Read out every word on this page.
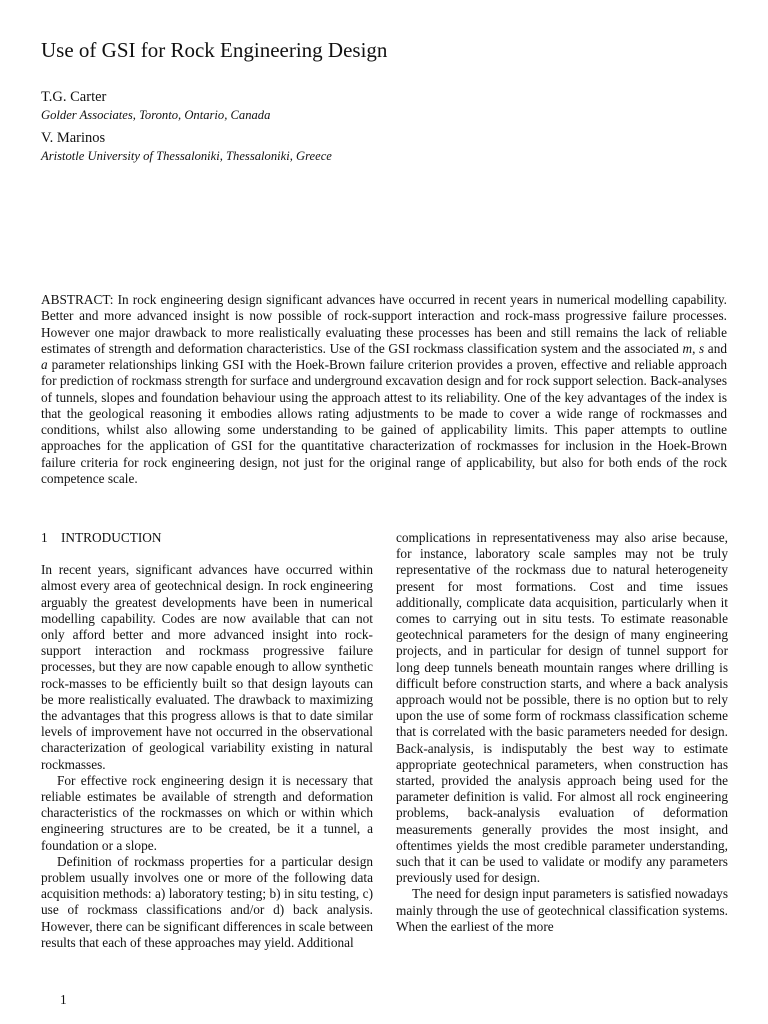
Use of GSI for Rock Engineering Design
T.G. Carter
Golder Associates, Toronto, Ontario, Canada
V. Marinos
Aristotle University of Thessaloniki, Thessaloniki, Greece

ABSTRACT: In rock engineering design significant advances have occurred in recent years in numerical modelling capability. Better and more advanced insight is now possible of rock-support interaction and rock-mass progressive failure processes. However one major drawback to more realistically evaluating these processes has been and still remains the lack of reliable estimates of strength and deformation characteristics. Use of the GSI rockmass classification system and the associated m, s and a parameter relationships linking GSI with the Hoek-Brown failure criterion provides a proven, effective and reliable approach for prediction of rockmass strength for surface and underground excavation design and for rock support selection. Back-analyses of tunnels, slopes and foundation behaviour using the approach attest to its reliability. One of the key advantages of the index is that the geological reasoning it embodies allows rating adjustments to be made to cover a wide range of rockmasses and conditions, whilst also allowing some understanding to be gained of applicability limits. This paper attempts to outline approaches for the application of GSI for the quantitative characterization of rockmasses for inclusion in the Hoek-Brown failure criteria for rock engineering design, not just for the original range of applicability, but also for both ends of the rock competence scale.

1 INTRODUCTION

In recent years, significant advances have occurred within almost every area of geotechnical design. In rock engineering arguably the greatest developments have been in numerical modelling capability. Codes are now available that can not only afford better and more advanced insight into rock-support interaction and rockmass progressive failure processes, but they are now capable enough to allow synthetic rock-masses to be efficiently built so that design layouts can be more realistically evaluated. The drawback to maximizing the advantages that this progress allows is that to date similar levels of improvement have not occurred in the observational characterization of geological variability existing in natural rockmasses.

For effective rock engineering design it is necessary that reliable estimates be available of strength and deformation characteristics of the rockmasses on which or within which engineering structures are to be created, be it a tunnel, a foundation or a slope.

Definition of rockmass properties for a particular design problem usually involves one or more of the following data acquisition methods: a) laboratory testing; b) in situ testing, c) use of rockmass classifications and/or d) back analysis. However, there can be significant differences in scale between results that each of these approaches may yield. Additional

complications in representativeness may also arise because, for instance, laboratory scale samples may not be truly representative of the rockmass due to natural heterogeneity present for most formations. Cost and time issues additionally, complicate data acquisition, particularly when it comes to carrying out in situ tests. To estimate reasonable geotechnical parameters for the design of many engineering projects, and in particular for design of tunnel support for long deep tunnels beneath mountain ranges where drilling is difficult before construction starts, and where a back analysis approach would not be possible, there is no option but to rely upon the use of some form of rockmass classification scheme that is correlated with the basic parameters needed for design. Back-analysis, is indisputably the best way to estimate appropriate geotechnical parameters, when construction has started, provided the analysis approach being used for the parameter definition is valid. For almost all rock engineering problems, back-analysis evaluation of deformation measurements generally provides the most insight, and oftentimes yields the most credible parameter understanding, such that it can be used to validate or modify any parameters previously used for design.

The need for design input parameters is satisfied nowadays mainly through the use of geotechnical classification systems. When the earliest of the more

1
